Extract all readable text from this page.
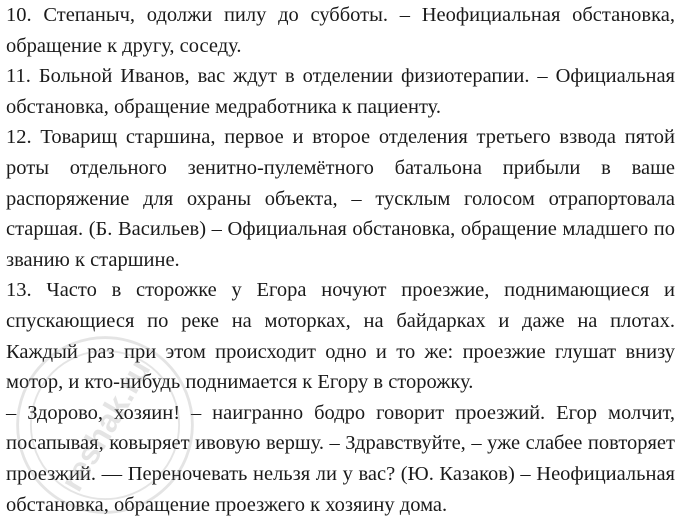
10. Степаныч, одолжи пилу до субботы. – Неофициальная обстановка, обращение к другу, соседу.

11. Больной Иванов, вас ждут в отделении физиотерапии. – Официальная обстановка, обращение медработника к пациенту.

12. Товарищ старшина, первое и второе отделения третьего взвода пятой роты отдельного зенитно-пулемётного батальона прибыли в ваше распоряжение для охраны объекта, – тусклым голосом отрапортовала старшая. (Б. Васильев) – Официальная обстановка, обращение младшего по званию к старшине.

13. Часто в сторожке у Егора ночуют проезжие, поднимающиеся и спускающиеся по реке на моторках, на байдарках и даже на плотах. Каждый раз при этом происходит одно и то же: проезжие глушат внизу мотор, и кто-нибудь поднимается к Егору в сторожку.

– Здорово, хозяин! – наигранно бодро говорит проезжий. Егор молчит, посапывая, ковыряет ивовую вершу. – Здравствуйте, – уже слабее повторяет проезжий. — Переночевать нельзя ли у вас? (Ю. Казаков) – Неофициальная обстановка, обращение проезжего к хозяину дома.

reshak.ru
